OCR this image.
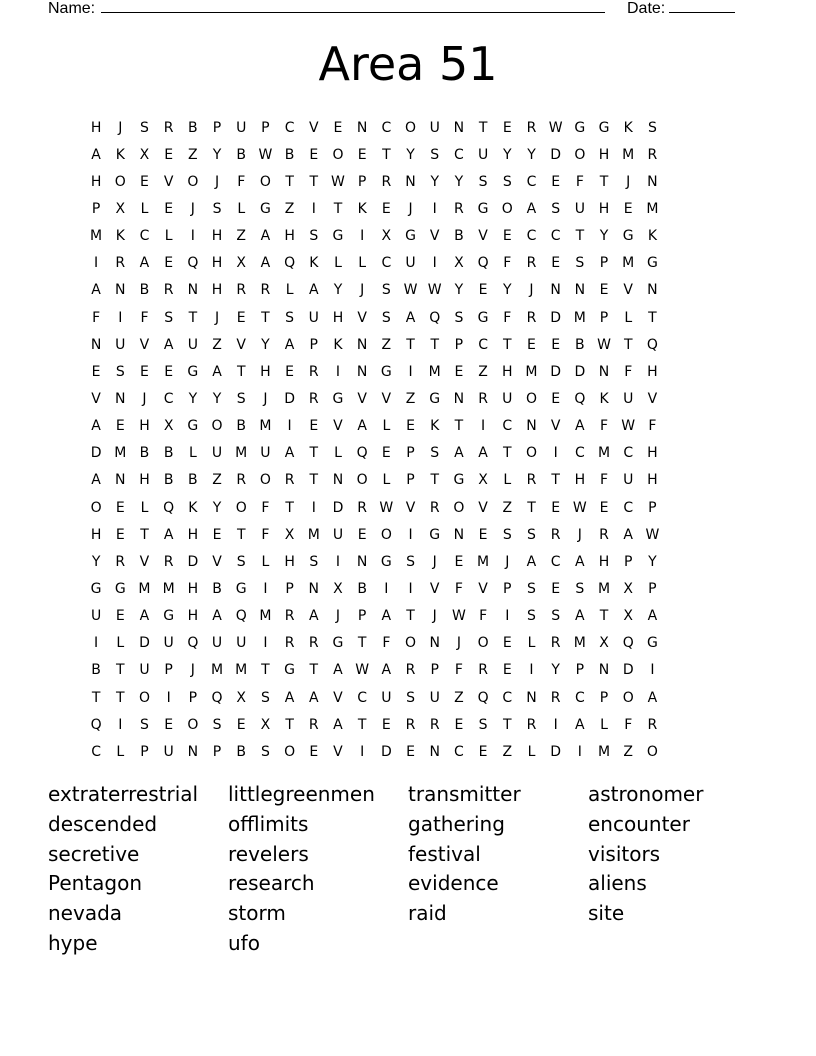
Name:	Date:
Area 51
H	J	S	R	B	P	U	P	C	V	E	N	C O U N	T	E	R W G G	K	S
A	K	X	E	Z	Y	B W B	E	O	E	T	Y	S	C	U	Y	Y	D O H M R
H O	E	V O	J	F	O	T	T W P	R	N	Y	Y	S	S	C	E	F	T	J	N
P	X	L	E	J	S	L	G Z	I	T	K	E	J	I	R G O A	S	U H	E M
M K	C	L	I	H	Z	A	H	S	G	I	X G V	B	V	E	C	C	T	Y	G	K
I	R	A	E	Q H	X	A Q	K	L	L	C	U	I	X Q	F	R	E	S	P M G
A	N	B	R	N H	R	R	L	A	Y	J	S W W Y	E	Y	J	N N	E	V	N
F	I	F	S	T	J	E	T	S	U H	V	S	A Q	S	G	F	R D M P	L	T
N U	V	A	U	Z	V	Y	A	P	K	N	Z	T	T	P	C	T	E	E	B W T	Q
E	S	E	E	G A	T	H	E	R	I	N G	I	M E	Z	H M D D N	F	H
V	N	J	C	Y	Y	S	J	D R G V	V	Z G N	R	U O	E	Q	K	U	V
A	E	H	X G O B M	I	E	V	A	L	E	K	T	I	C	N	V	A	F W F
D M B	B	L	U M U	A	T	L	Q	E	P	S	A	A	T	O	I	C M C	H
A	N H	B	B	Z	R O R	T	N O	L	P	T	G X	L	R	T	H	F	U H
O	E	L	Q	K	Y	O	F	T	I	D R W V	R O V	Z	T	E W E	C	P
H	E	T	A	H	E	T	F	X M U	E	O	I	G N	E	S	S	R	J	R	A W
Y	R	V	R D	V	S	L	H	S	I	N G	S	J	E M	J	A	C	A	H	P	Y
G G M M H	B G	I	P	N	X	B	I	I	V	F	V	P	S	E	S M X	P
U	E	A G H	A Q M R	A	J	P	A	T	J	W F	I	S	S	A	T	X	A
I	L	D U Q U U	I	R	R G	T	F	O N	J	O	E	L	R M X Q G
B	T	U	P	J	M M T	G	T	A W A	R	P	F	R	E	I	Y	P	N D	I
T	T	O	I	P	Q X	S	A	A	V	C	U	S	U	Z Q C	N	R	C	P	O A
Q	I	S	E	O	S	E	X	T	R	A	T	E	R	R	E	S	T	R	I	A	L	F	R
C	L	P	U N	P	B	S	O	E	V	I	D	E	N	C	E	Z	L	D	I	M Z O
extraterrestrial	littlegreenmen	transmitter	astronomer
descended	offlimits	gathering	encounter
secretive	revelers	festival	visitors
Pentagon	research	evidence	aliens
nevada	storm	raid	site
hype	ufo
